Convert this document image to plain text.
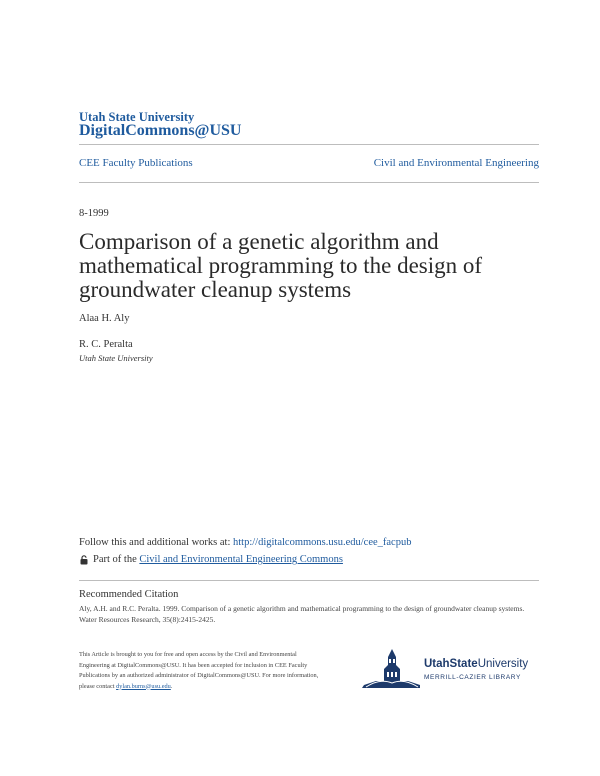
Utah State University
DigitalCommons@USU
CEE Faculty Publications	Civil and Environmental Engineering
8-1999
Comparison of a genetic algorithm and mathematical programming to the design of groundwater cleanup systems
Alaa H. Aly
R. C. Peralta
Utah State University
Follow this and additional works at: http://digitalcommons.usu.edu/cee_facpub
Part of the Civil and Environmental Engineering Commons
Recommended Citation
Aly, A.H. and R.C. Peralta. 1999. Comparison of a genetic algorithm and mathematical programming to the design of groundwater cleanup systems. Water Resources Research, 35(8):2415-2425.
This Article is brought to you for free and open access by the Civil and Environmental Engineering at DigitalCommons@USU. It has been accepted for inclusion in CEE Faculty Publications by an authorized administrator of DigitalCommons@USU. For more information, please contact dylan.burns@usu.edu.
UtahStateUniversity
MERRILL-CAZIER LIBRARY
